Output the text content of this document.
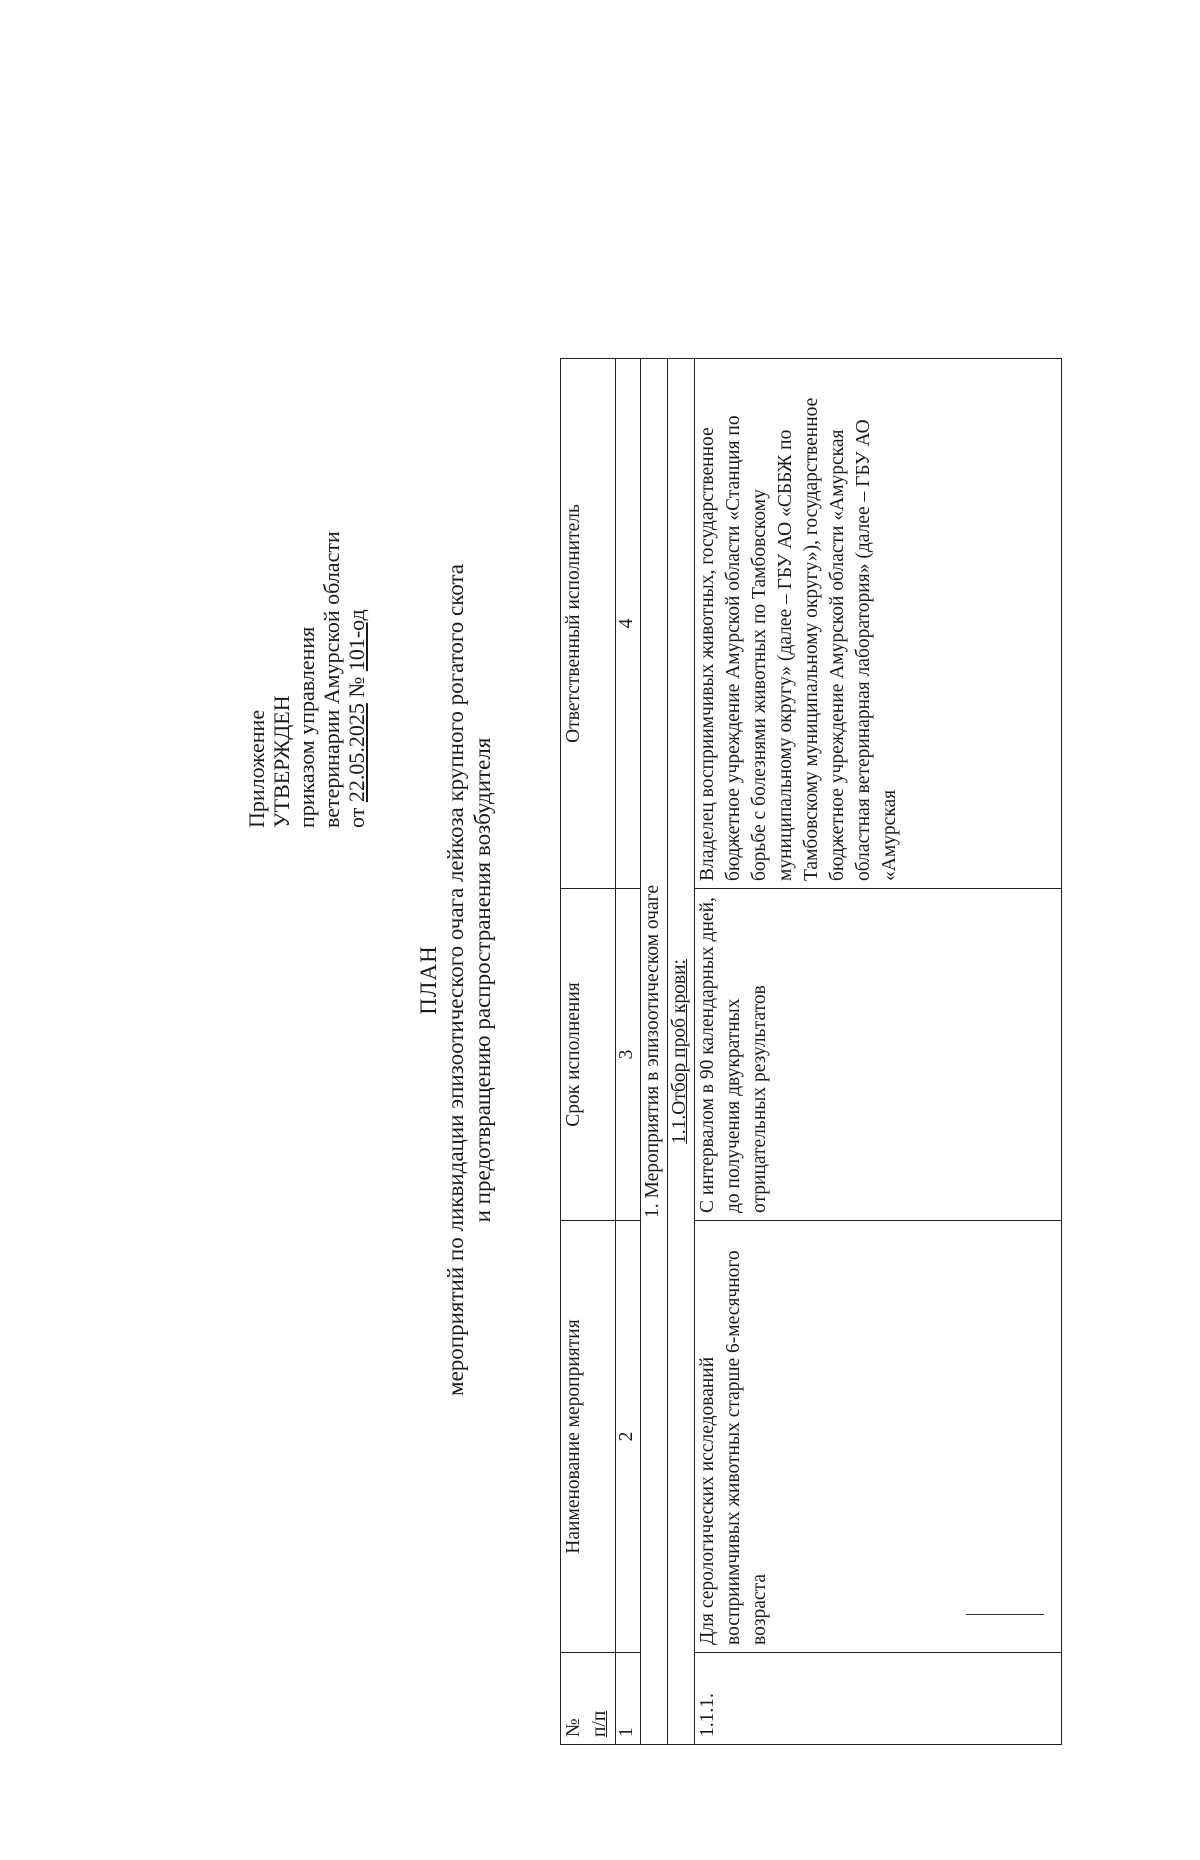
Приложение УТВЕРЖДЕН приказом управления ветеринарии Амурской области от 22.05.2025 № 101-од
ПЛАН мероприятий по ликвидации эпизоотического очага лейкоза крупного рогатого скота и предотвращению распространения возбудителя
№ п/п	Наименование мероприятия	Срок исполнения	Ответственный исполнитель
1	2	3	4
1. Мероприятия в эпизоотическом очаге			
1.1.Отбор проб крови:			
1.1.1.	Для серологических исследований восприимчивых животных старше 6-месячного возраста	С интервалом в 90 календарных дней, до получения двукратных отрицательных результатов	Владелец восприимчивых животных, государственное бюджетное учреждение Амурской области «Станция по борьбе с болезнями животных по Тамбовскому муниципальному округу» (далее – ГБУ АО «СББЖ по Тамбовскому муниципальному округу»), государственное бюджетное учреждение Амурской области «Амурская областная ветеринарная лаборатория» (далее – ГБУ АО «Амурская
